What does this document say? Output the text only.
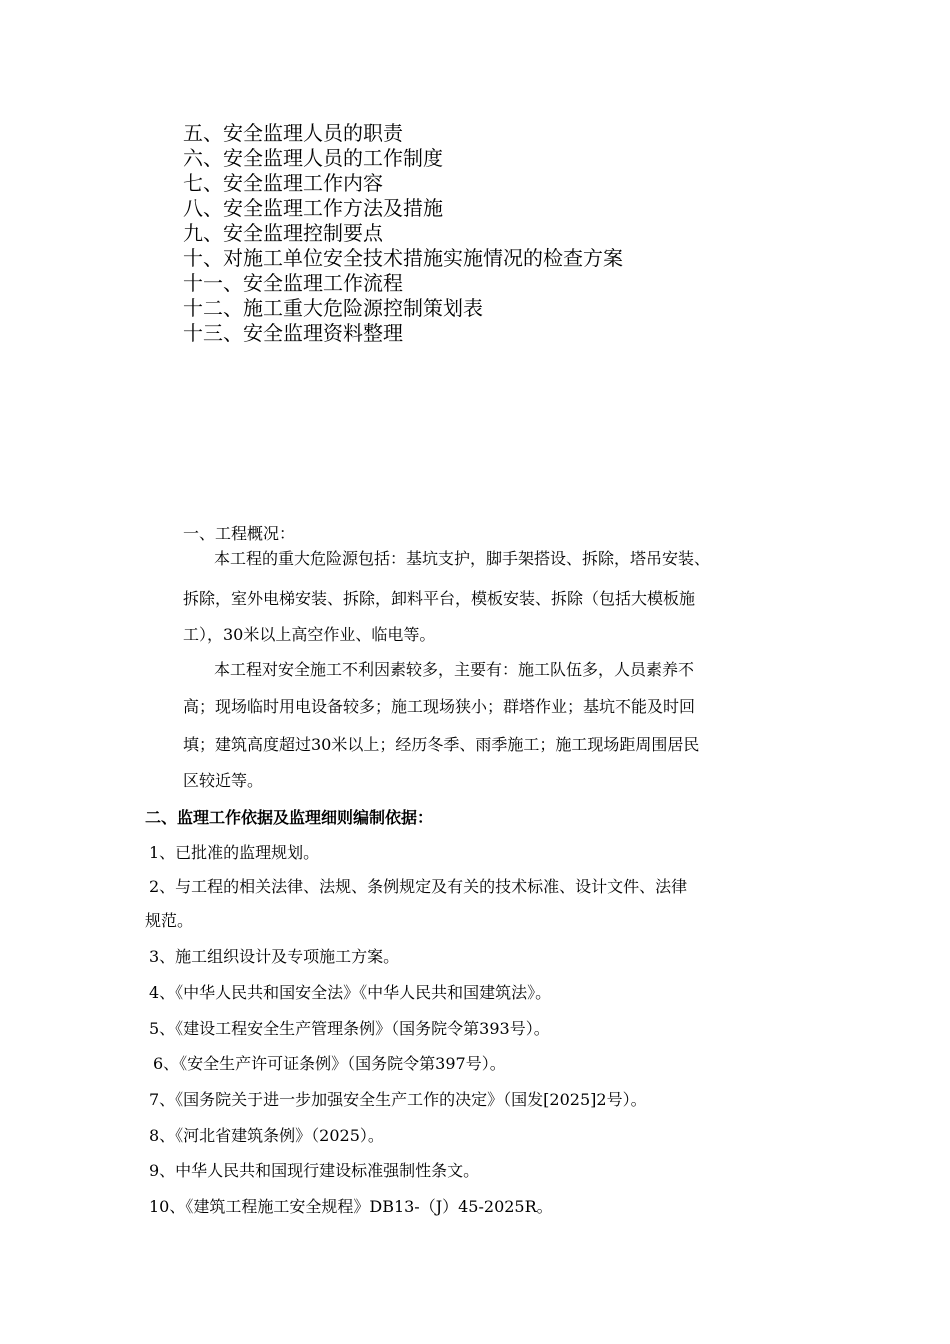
五、安全监理人员的职责
六、安全监理人员的工作制度
七、安全监理工作内容
八、安全监理工作方法及措施
九、安全监理控制要点
十、对施工单位安全技术措施实施情况的检查方案
十一、安全监理工作流程
十二、施工重大危险源控制策划表
十三、安全监理资料整理
一、工程概况：
本工程的重大危险源包括：基坑支护，脚手架搭设、拆除，塔吊安装、
拆除，室外电梯安装、拆除，卸料平台，模板安装、拆除（包括大模板施
工），30米以上高空作业、临电等。
本工程对安全施工不利因素较多，主要有：施工队伍多，人员素养不
高；现场临时用电设备较多；施工现场狭小；群塔作业；基坑不能及时回
填；建筑高度超过30米以上；经历冬季、雨季施工；施工现场距周围居民
区较近等。
二、监理工作依据及监理细则编制依据：
1、已批准的监理规划。
2、与工程的相关法律、法规、条例规定及有关的技术标准、设计文件、法律
规范。
3、施工组织设计及专项施工方案。
4、《中华人民共和国安全法》《中华人民共和国建筑法》。
5、《建设工程安全生产管理条例》（国务院令第393号）。
6、《安全生产许可证条例》（国务院令第397号）。
7、《国务院关于进一步加强安全生产工作的决定》（国发[2025]2号）。
8、《河北省建筑条例》（2025）。
9、中华人民共和国现行建设标准强制性条文。
10、《建筑工程施工安全规程》DB13-（J）45-2025R。
